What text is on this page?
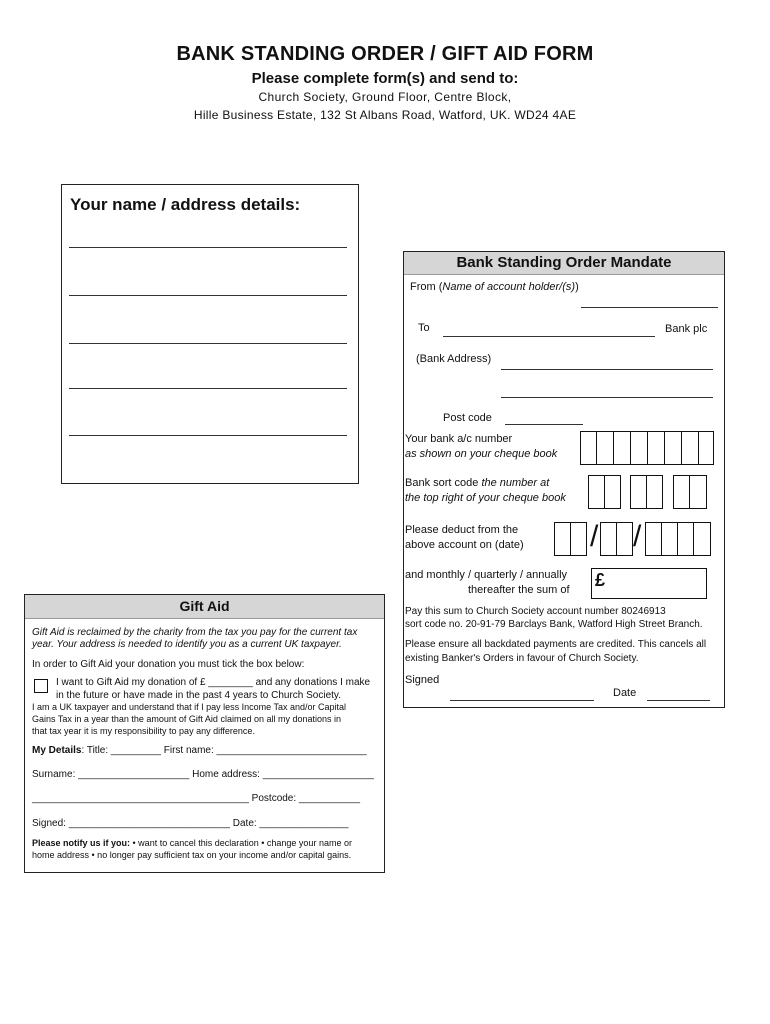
BANK STANDING ORDER / GIFT AID FORM
Please complete form(s) and send to:
Church Society, Ground Floor, Centre Block,
Hille Business Estate, 132 St Albans Road, Watford, UK. WD24 4AE
Your name / address details:
Bank Standing Order Mandate
From (Name of account holder/(s))
To	Bank plc
(Bank Address)
Post code
Your bank a/c number
as shown on your cheque book
Bank sort code the number at
the top right of your cheque book
Please deduct from the
above account on (date) / /
and monthly / quarterly / annually
thereafter the sum of £
Pay this sum to Church Society account number 80246913
sort code no. 20-91-79 Barclays Bank, Watford High Street Branch.
Please ensure all backdated payments are credited. This cancels all
existing Banker's Orders in favour of Church Society.
Signed
Date
Gift Aid
Gift Aid is reclaimed by the charity from the tax you pay for the current tax
year. Your address is needed to identify you as a current UK taxpayer.
In order to Gift Aid your donation you must tick the box below:
I want to Gift Aid my donation of £ ________ and any donations I make
in the future or have made in the past 4 years to Church Society.
I am a UK taxpayer and understand that if I pay less Income Tax and/or Capital
Gains Tax in a year than the amount of Gift Aid claimed on all my donations in
that tax year it is my responsibility to pay any difference.
My Details: Title: _________ First name: ___________________________
Surname: ____________________ Home address: ____________________
_______________________________________ Postcode: ___________
Signed: _____________________________ Date: ________________
Please notify us if you: • want to cancel this declaration • change your name or
home address • no longer pay sufficient tax on your income and/or capital gains.
